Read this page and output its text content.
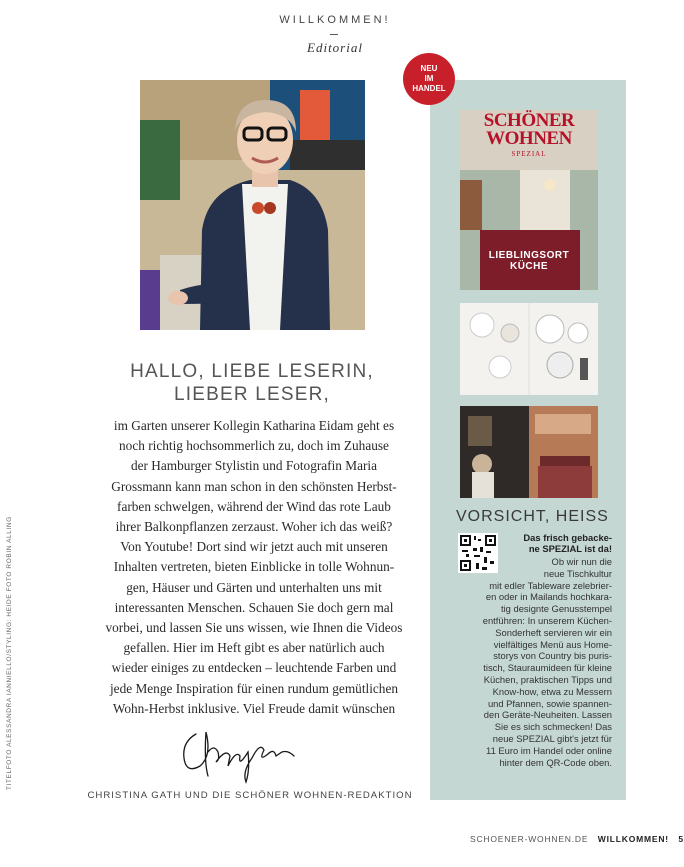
WILLKOMMEN!
Editorial
HALLO, LIEBE LESERIN,
LIEBER LESER,
im Garten unserer Kollegin Katharina Eidam geht es
noch richtig hochsommerlich zu, doch im Zuhause
der Hamburger Stylistin und Fotografin Maria
Grossmann kann man schon in den schönsten Herbst-
farben schwelgen, während der Wind das rote Laub
ihrer Balkonpflanzen zerzaust. Woher ich das weiß?
Von Youtube! Dort sind wir jetzt auch mit unseren
Inhalten vertreten, bieten Einblicke in tolle Wohnun-
gen, Häuser und Gärten und unterhalten uns mit
interessanten Menschen. Schauen Sie doch gern mal
vorbei, und lassen Sie uns wissen, wie Ihnen die Videos
gefallen. Hier im Heft gibt es aber natürlich auch
wieder einiges zu entdecken – leuchtende Farben und
jede Menge Inspiration für einen rundum gemütlichen
Wohn-Herbst inklusive. Viel Freude damit wünschen
CHRISTINA GATH UND DIE SCHÖNER WOHNEN-REDAKTION
TITELFOTO ALESSANDRA IANNIELLO/STYLING: HEIDE FOTO ROBIN ALLING
NEU
IM
HANDEL
SCHÖNER
WOHNEN
SPEZIAL
LIEBLINGSORT
KÜCHE
VORSICHT, HEISS
Das frisch gebacke-
ne SPEZIAL ist da!
Ob wir nun die
neue Tischkultur
mit edler Tableware zelebrier-
en oder in Mailands hochkara-
tig designte Genusstempel
entführen: In unserem Küchen-
Sonderheft servieren wir ein
vielfältiges Menü aus Home-
storys von Country bis puris-
tisch, Stauraumideen für kleine
Küchen, praktischen Tipps und
Know-how, etwa zu Messern
und Pfannen, sowie spannen-
den Geräte-Neuheiten. Lassen
Sie es sich schmecken! Das
neue SPEZIAL gibt's jetzt für
11 Euro im Handel oder online
hinter dem QR-Code oben.
SCHOENER-WOHNEN.DE WILLKOMMEN! 5
